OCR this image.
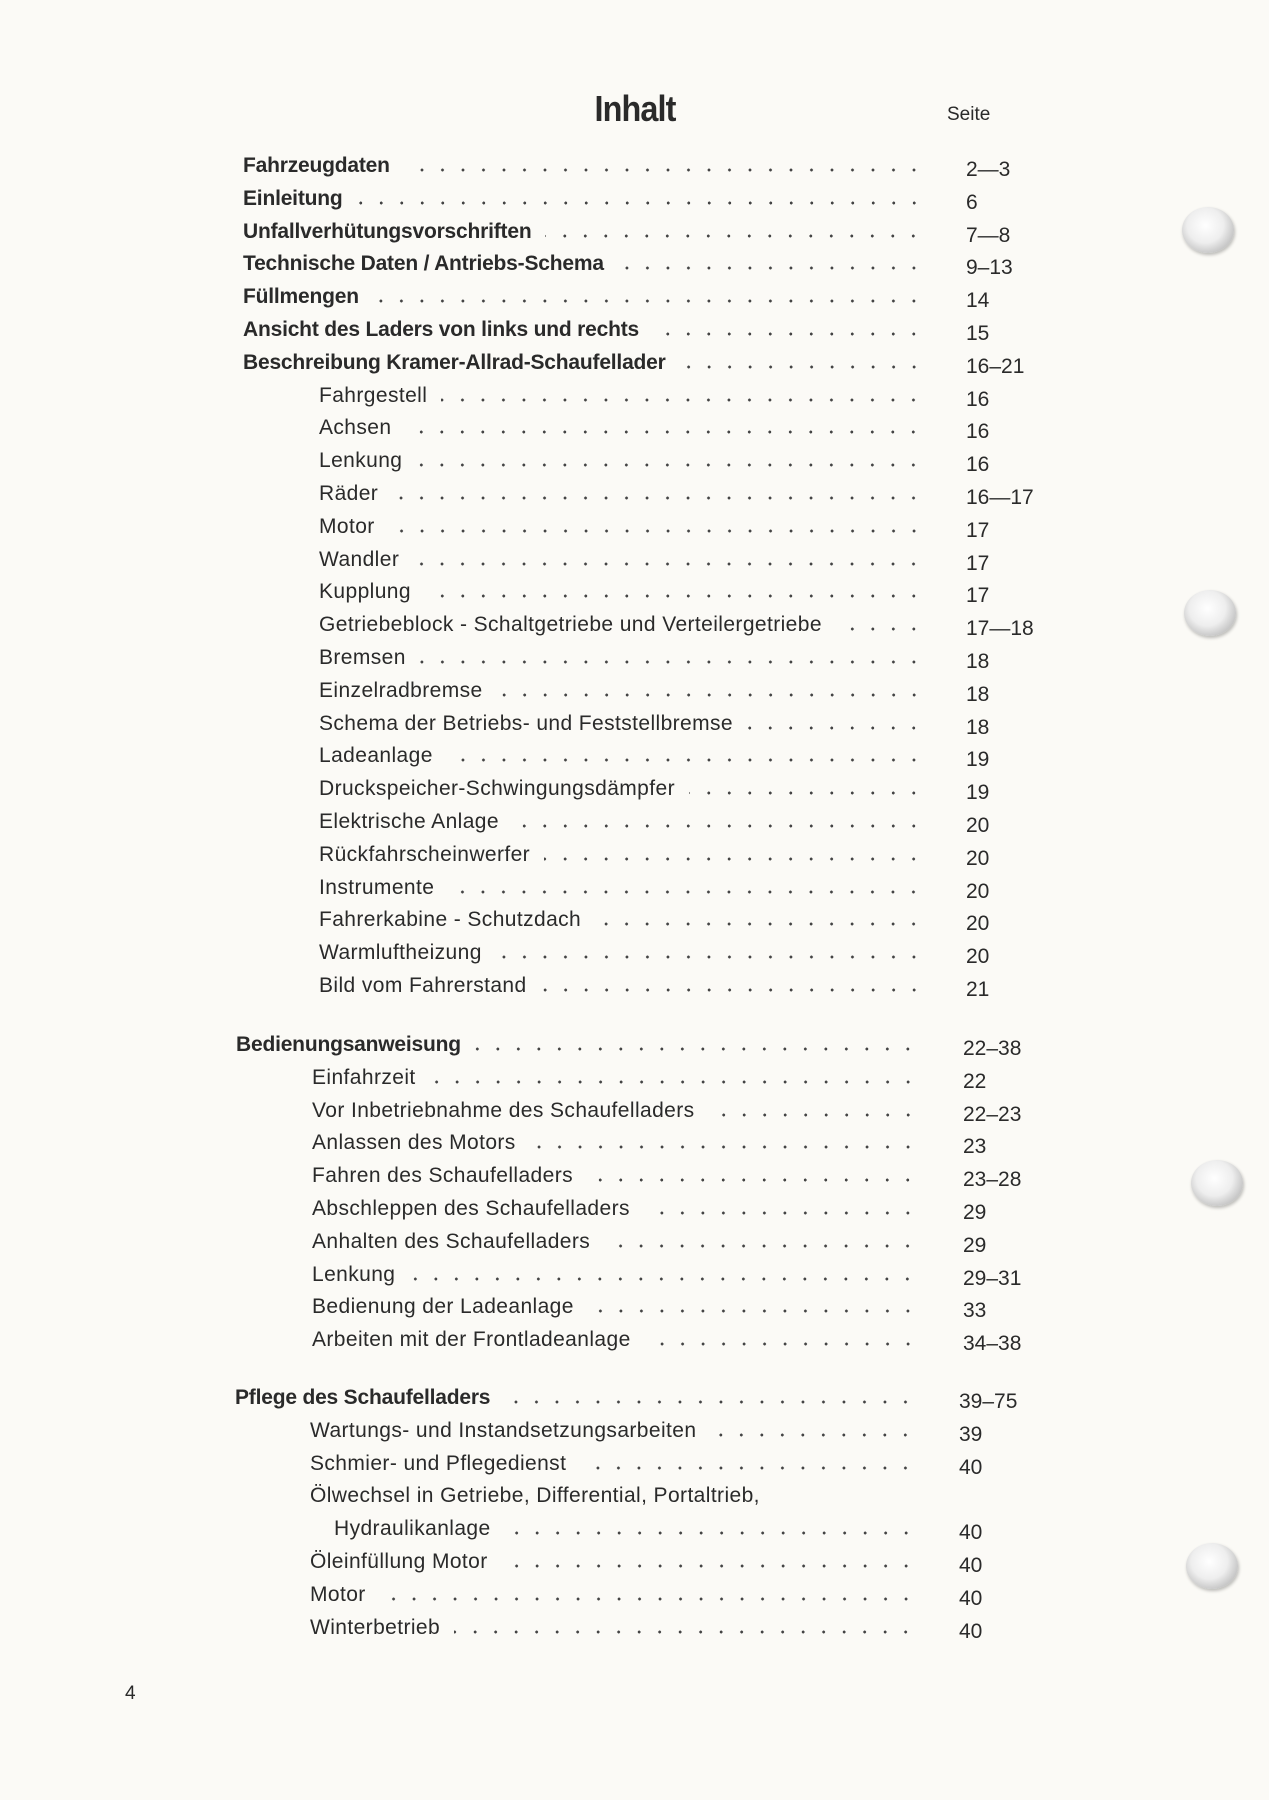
Inhalt	Seite
Fahrzeugdaten	2—3
Einleitung	6
Unfallverhütungsvorschriften	7—8
Technische Daten / Antriebs-Schema	9–13
Füllmengen	14
Ansicht des Laders von links und rechts	15
Beschreibung Kramer-Allrad-Schaufellader	16–21
Fahrgestell	16
Achsen	16
Lenkung	16
Räder	16—17
Motor	17
Wandler	17
Kupplung	17
Getriebeblock - Schaltgetriebe und Verteilergetriebe	17—18
Bremsen	18
Einzelradbremse	18
Schema der Betriebs- und Feststellbremse	18
Ladeanlage	19
Druckspeicher-Schwingungsdämpfer	19
Elektrische Anlage	20
Rückfahrscheinwerfer	20
Instrumente	20
Fahrerkabine - Schutzdach	20
Warmluftheizung	20
Bild vom Fahrerstand	21
Bedienungsanweisung	22–38
Einfahrzeit	22
Vor Inbetriebnahme des Schaufelladers	22–23
Anlassen des Motors	23
Fahren des Schaufelladers	23–28
Abschleppen des Schaufelladers	29
Anhalten des Schaufelladers	29
Lenkung	29–31
Bedienung der Ladeanlage	33
Arbeiten mit der Frontladeanlage	34–38
Pflege des Schaufelladers	39–75
Wartungs- und Instandsetzungsarbeiten	39
Schmier- und Pflegedienst	40
Ölwechsel in Getriebe, Differential, Portaltrieb,
Hydraulikanlage	40
Öleinfüllung Motor	40
Motor	40
Winterbetrieb	40
4
